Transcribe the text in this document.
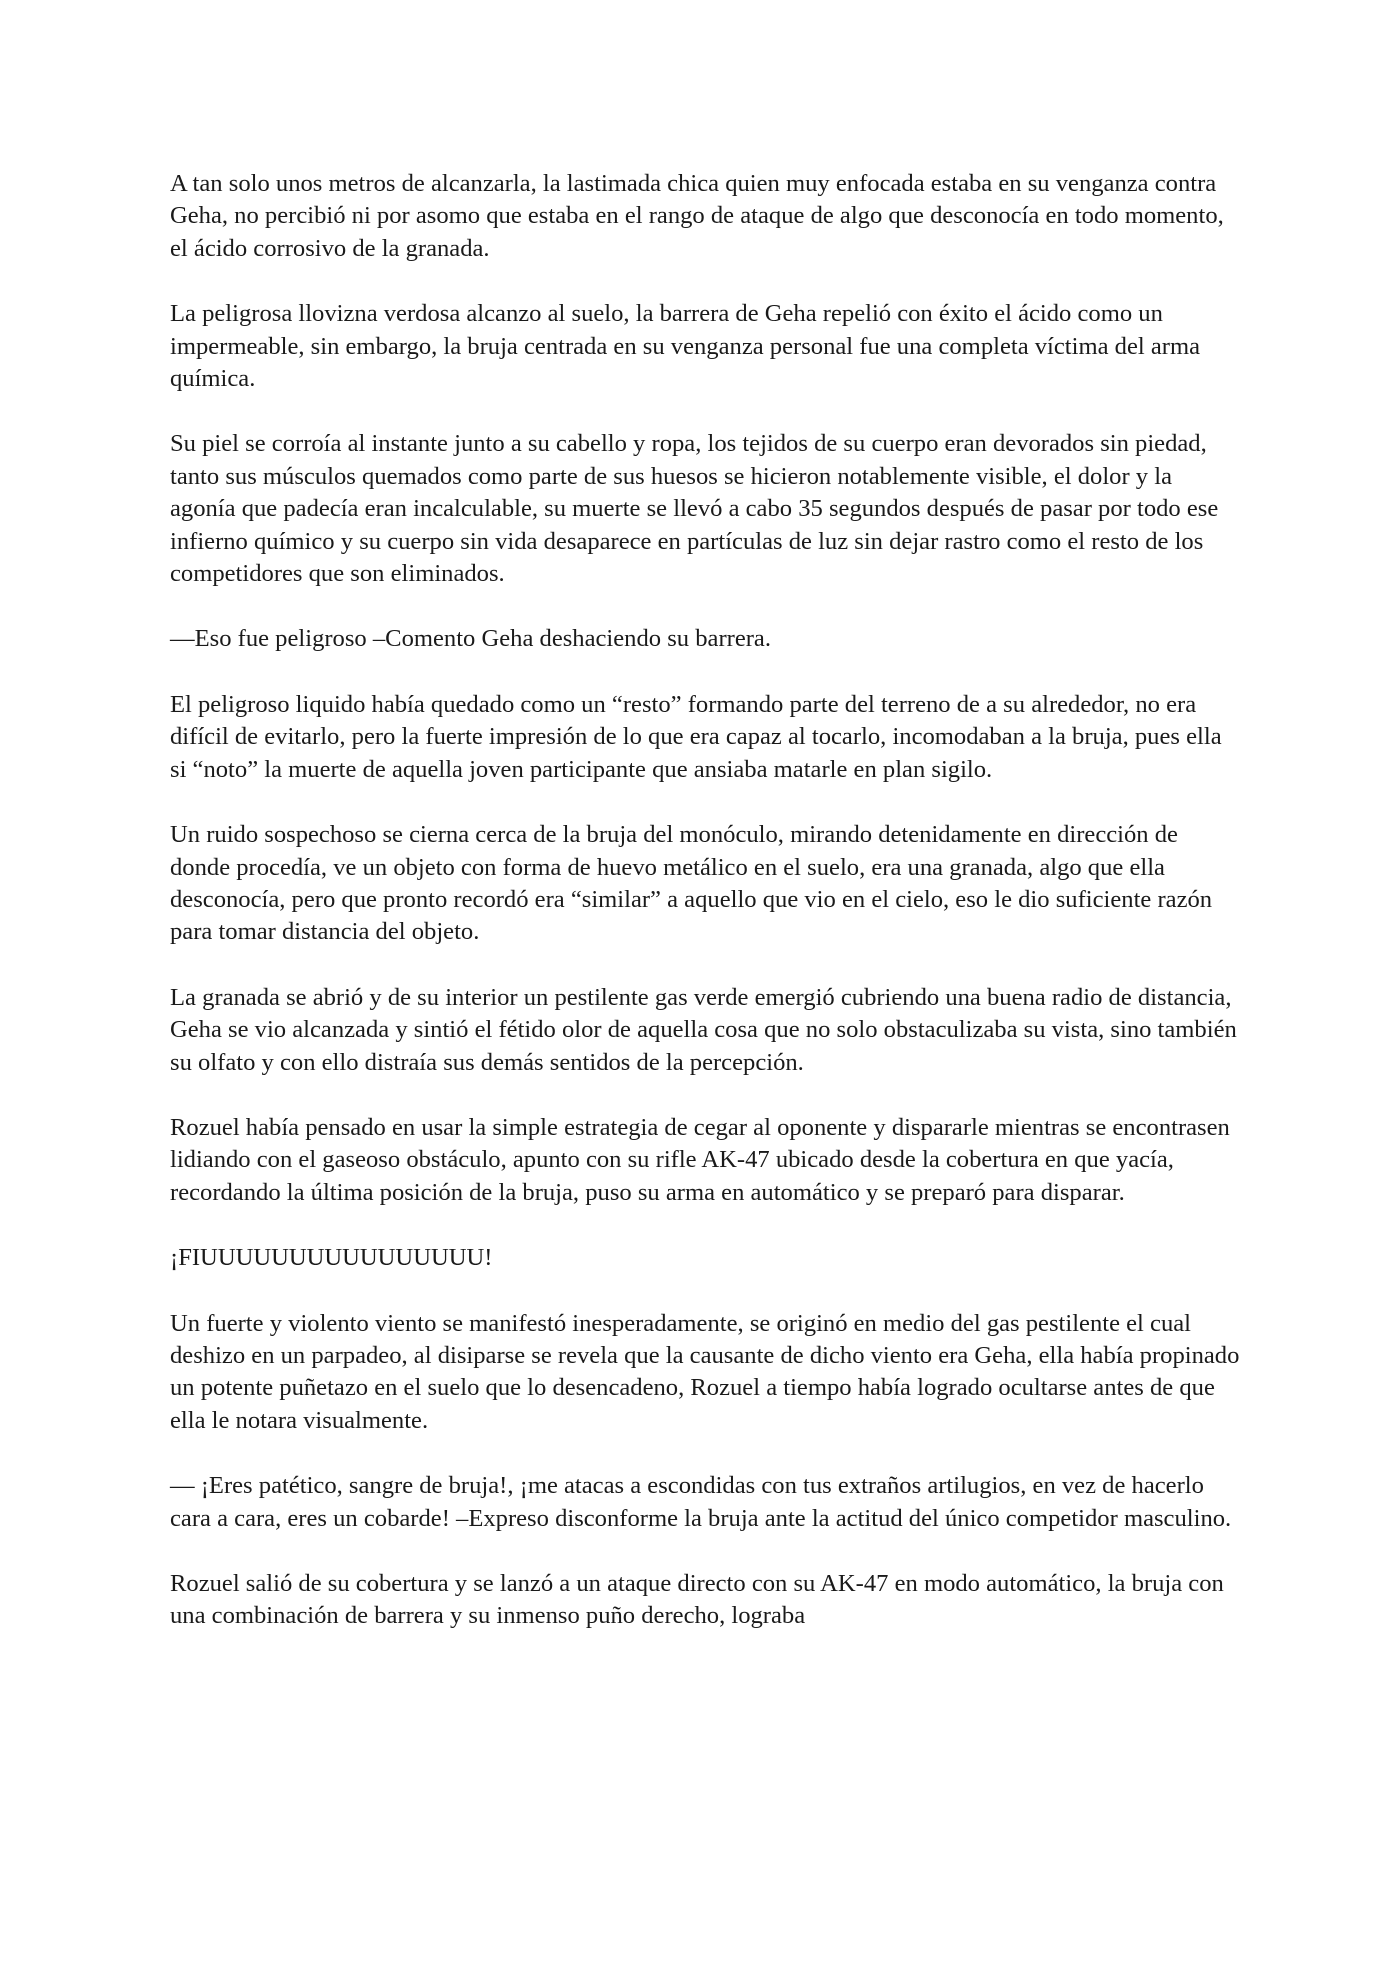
A tan solo unos metros de alcanzarla, la lastimada chica quien muy enfocada estaba en su venganza contra Geha, no percibió ni por asomo que estaba en el rango de ataque de algo que desconocía en todo momento, el ácido corrosivo de la granada.

La peligrosa llovizna verdosa alcanzo al suelo, la barrera de Geha repelió con éxito el ácido como un impermeable, sin embargo, la bruja centrada en su venganza personal fue una completa víctima del arma química.

Su piel se corroía al instante junto a su cabello y ropa, los tejidos de su cuerpo eran devorados sin piedad, tanto sus músculos quemados como parte de sus huesos se hicieron notablemente visible, el dolor y la agonía que padecía eran incalculable, su muerte se llevó a cabo 35 segundos después de pasar por todo ese infierno químico y su cuerpo sin vida desaparece en partículas de luz sin dejar rastro como el resto de los competidores que son eliminados.

—Eso fue peligroso –Comento Geha deshaciendo su barrera.

El peligroso liquido había quedado como un “resto” formando parte del terreno de a su alrededor, no era difícil de evitarlo, pero la fuerte impresión de lo que era capaz al tocarlo, incomodaban a la bruja, pues ella si “noto” la muerte de aquella joven participante que ansiaba matarle en plan sigilo.

Un ruido sospechoso se cierna cerca de la bruja del monóculo, mirando detenidamente en dirección de donde procedía, ve un objeto con forma de huevo metálico en el suelo, era una granada, algo que ella desconocía, pero que pronto recordó era “similar” a aquello que vio en el cielo, eso le dio suficiente razón para tomar distancia del objeto.

La granada se abrió y de su interior un pestilente gas verde emergió cubriendo una buena radio de distancia, Geha se vio alcanzada y sintió el fétido olor de aquella cosa que no solo obstaculizaba su vista, sino también su olfato y con ello distraía sus demás sentidos de la percepción.

Rozuel había pensado en usar la simple estrategia de cegar al oponente y dispararle mientras se encontrasen lidiando con el gaseoso obstáculo, apunto con su rifle AK-47 ubicado desde la cobertura en que yacía, recordando la última posición de la bruja, puso su arma en automático y se preparó para disparar.

¡FIUUUUUUUUUUUUUUUU!

Un fuerte y violento viento se manifestó inesperadamente, se originó en medio del gas pestilente el cual deshizo en un parpadeo, al disiparse se revela que la causante de dicho viento era Geha, ella había propinado un potente puñetazo en el suelo que lo desencadeno, Rozuel a tiempo había logrado ocultarse antes de que ella le notara visualmente.

— ¡Eres patético, sangre de bruja!, ¡me atacas a escondidas con tus extraños artilugios, en vez de hacerlo cara a cara, eres un cobarde! –Expreso disconforme la bruja ante la actitud del único competidor masculino.

Rozuel salió de su cobertura y se lanzó a un ataque directo con su AK-47 en modo automático, la bruja con una combinación de barrera y su inmenso puño derecho, lograba
